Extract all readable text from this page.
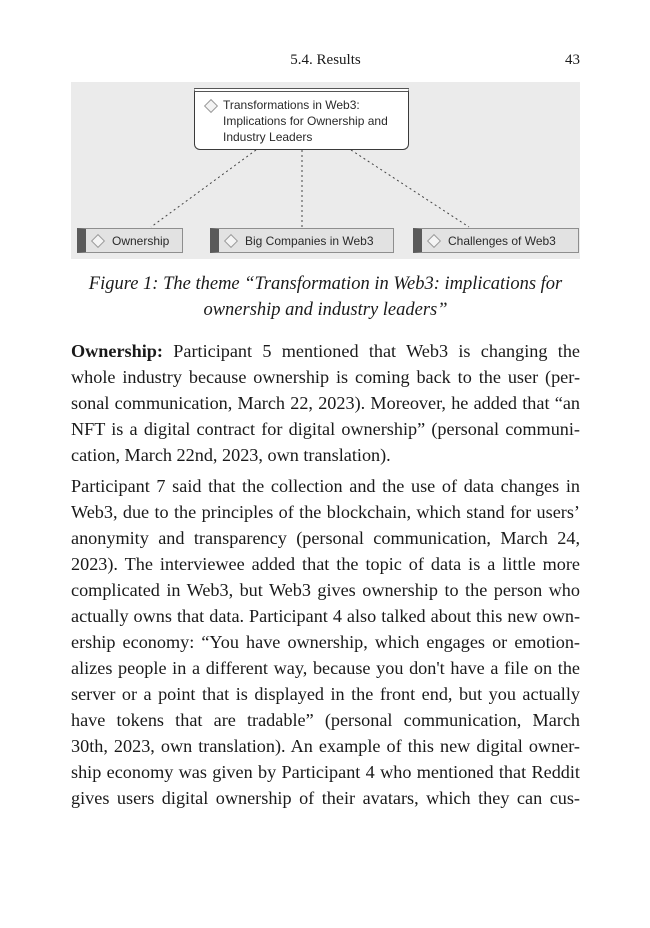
5.4. Results	43
Transformations in Web3:
Implications for Ownership and
Industry Leaders
Ownership	Big Companies in Web3	Challenges of Web3
Figure 1: The theme “Transformation in Web3: implications for
ownership and industry leaders”
Ownership: Participant 5 mentioned that Web3 is changing the
whole industry because ownership is coming back to the user (per-
sonal communication, March 22, 2023). Moreover, he added that “an
NFT is a digital contract for digital ownership” (personal communi-
cation, March 22nd, 2023, own translation).
Participant 7 said that the collection and the use of data changes in
Web3, due to the principles of the blockchain, which stand for users’
anonymity and transparency (personal communication, March 24,
2023). The interviewee added that the topic of data is a little more
complicated in Web3, but Web3 gives ownership to the person who
actually owns that data. Participant 4 also talked about this new own-
ership economy: “You have ownership, which engages or emotion-
alizes people in a different way, because you don't have a file on the
server or a point that is displayed in the front end, but you actually
have tokens that are tradable” (personal communication, March
30th, 2023, own translation). An example of this new digital owner-
ship economy was given by Participant 4 who mentioned that Reddit
gives users digital ownership of their avatars, which they can cus-
